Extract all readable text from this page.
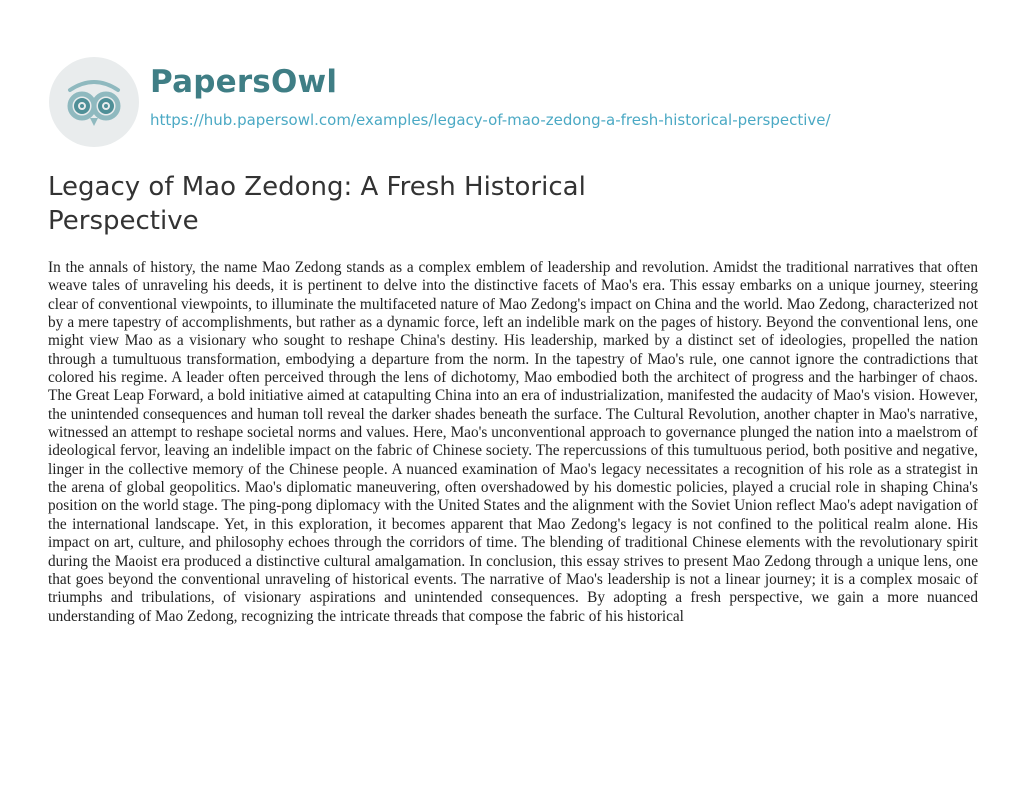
PapersOwl
https://hub.papersowl.com/examples/legacy-of-mao-zedong-a-fresh-historical-perspective/
Legacy of Mao Zedong: A Fresh Historical Perspective

In the annals of history, the name Mao Zedong stands as a complex emblem of leadership and revolution. Amidst the traditional narratives that often weave tales of unraveling his deeds, it is pertinent to delve into the distinctive facets of Mao's era. This essay embarks on a unique journey, steering clear of conventional viewpoints, to illuminate the multifaceted nature of Mao Zedong's impact on China and the world. Mao Zedong, characterized not by a mere tapestry of accomplishments, but rather as a dynamic force, left an indelible mark on the pages of history. Beyond the conventional lens, one might view Mao as a visionary who sought to reshape China's destiny. His leadership, marked by a distinct set of ideologies, propelled the nation through a tumultuous transformation, embodying a departure from the norm. In the tapestry of Mao's rule, one cannot ignore the contradictions that colored his regime. A leader often perceived through the lens of dichotomy, Mao embodied both the architect of progress and the harbinger of chaos. The Great Leap Forward, a bold initiative aimed at catapulting China into an era of industrialization, manifested the audacity of Mao's vision. However, the unintended consequences and human toll reveal the darker shades beneath the surface. The Cultural Revolution, another chapter in Mao's narrative, witnessed an attempt to reshape societal norms and values. Here, Mao's unconventional approach to governance plunged the nation into a maelstrom of ideological fervor, leaving an indelible impact on the fabric of Chinese society. The repercussions of this tumultuous period, both positive and negative, linger in the collective memory of the Chinese people. A nuanced examination of Mao's legacy necessitates a recognition of his role as a strategist in the arena of global geopolitics. Mao's diplomatic maneuvering, often overshadowed by his domestic policies, played a crucial role in shaping China's position on the world stage. The ping-pong diplomacy with the United States and the alignment with the Soviet Union reflect Mao's adept navigation of the international landscape. Yet, in this exploration, it becomes apparent that Mao Zedong's legacy is not confined to the political realm alone. His impact on art, culture, and philosophy echoes through the corridors of time. The blending of traditional Chinese elements with the revolutionary spirit during the Maoist era produced a distinctive cultural amalgamation. In conclusion, this essay strives to present Mao Zedong through a unique lens, one that goes beyond the conventional unraveling of historical events. The narrative of Mao's leadership is not a linear journey; it is a complex mosaic of triumphs and tribulations, of visionary aspirations and unintended consequences. By adopting a fresh perspective, we gain a more nuanced understanding of Mao Zedong, recognizing the intricate threads that compose the fabric of his historical
